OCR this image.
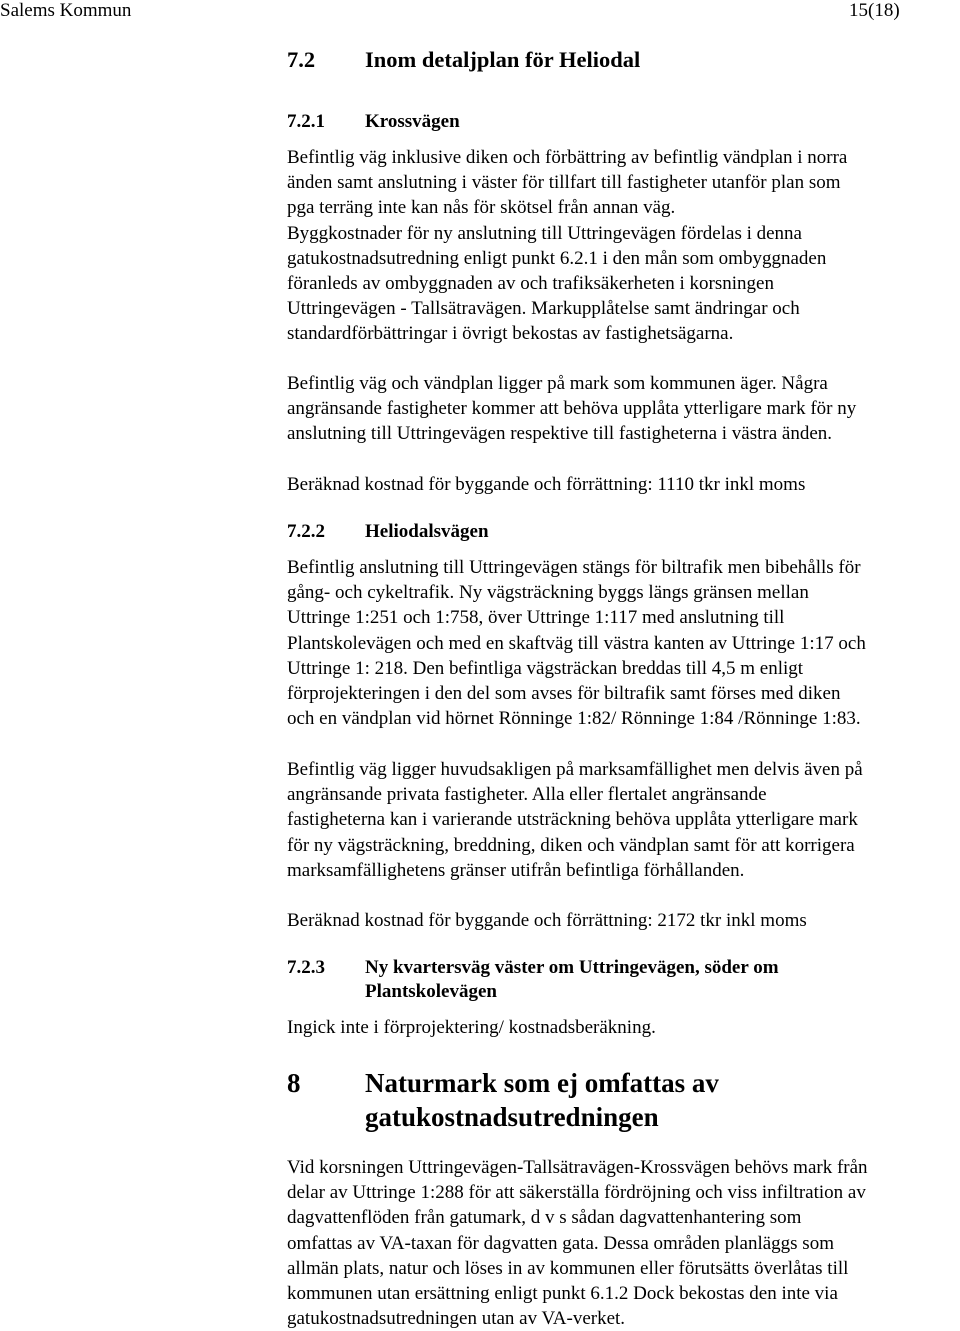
Salems Kommun	15(18)
7.2 Inom detaljplan för Heliodal
7.2.1 Krossvägen
Befintlig väg inklusive diken och förbättring av befintlig vändplan i norra
änden samt anslutning i väster för tillfart till fastigheter utanför plan som
pga terräng inte kan nås för skötsel från annan väg.
Byggkostnader för ny anslutning till Uttringevägen fördelas i denna
gatukostnadsutredning enligt punkt 6.2.1 i den mån som ombyggnaden
föranleds av ombyggnaden av och trafiksäkerheten i korsningen
Uttringevägen - Tallsätravägen. Markupplåtelse samt ändringar och
standardförbättringar i övrigt bekostas av fastighetsägarna.
Befintlig väg och vändplan ligger på mark som kommunen äger. Några
angränsande fastigheter kommer att behöva upplåta ytterligare mark för ny
anslutning till Uttringevägen respektive till fastigheterna i västra änden.
Beräknad kostnad för byggande och förrättning: 1110 tkr inkl moms
7.2.2 Heliodalsvägen
Befintlig anslutning till Uttringevägen stängs för biltrafik men bibehålls för
gång- och cykeltrafik. Ny vägsträckning byggs längs gränsen mellan
Uttringe 1:251 och 1:758, över Uttringe 1:117 med anslutning till
Plantskolevägen och med en skaftväg till västra kanten av Uttringe 1:17 och
Uttringe 1: 218. Den befintliga vägsträckan breddas till 4,5 m enligt
förprojekteringen i den del som avses för biltrafik samt förses med diken
och en vändplan vid hörnet Rönninge 1:82/ Rönninge 1:84 /Rönninge 1:83.
Befintlig väg ligger huvudsakligen på marksamfällighet men delvis även på
angränsande privata fastigheter. Alla eller flertalet angränsande
fastigheterna kan i varierande utsträckning behöva upplåta ytterligare mark
för ny vägsträckning, breddning, diken och vändplan samt för att korrigera
marksamfällighetens gränser utifrån befintliga förhållanden.
Beräknad kostnad för byggande och förrättning: 2172 tkr inkl moms
7.2.3	Ny kvartersväg väster om Uttringevägen, söder om
Plantskolevägen
Ingick inte i förprojektering/ kostnadsberäkning.
8	Naturmark som ej omfattas av
gatukostnadsutredningen
Vid korsningen Uttringevägen-Tallsätravägen-Krossvägen behövs mark från
delar av Uttringe 1:288 för att säkerställa fördröjning och viss infiltration av
dagvattenflöden från gatumark, d v s sådan dagvattenhantering som
omfattas av VA-taxan för dagvatten gata. Dessa områden planläggs som
allmän plats, natur och löses in av kommunen eller förutsätts överlåtas till
kommunen utan ersättning enligt punkt 6.1.2 Dock bekostas den inte via
gatukostnadsutredningen utan av VA-verket.
